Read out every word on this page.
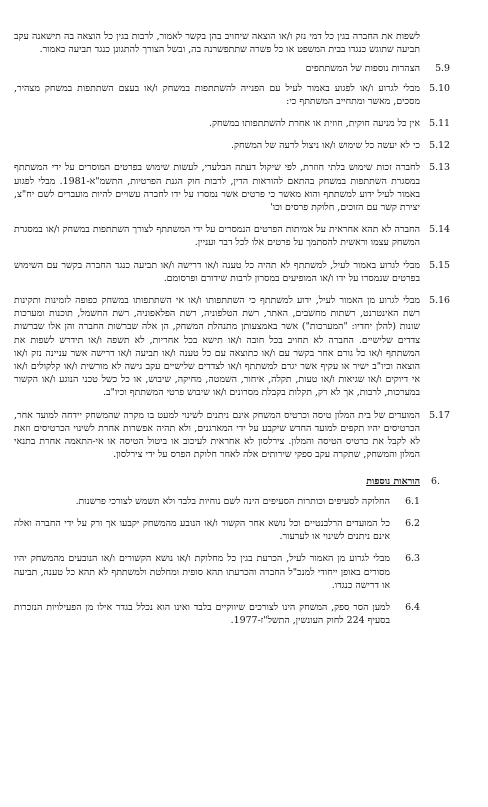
לשפות את החברה בגין כל דמי נזק ו/או הוצאה שיחויב בהן בקשר לאמור, לרבות בגין כל הוצאה בה תישאנה עקב תביעה שתוגש כנגדו בבית המשפט או כל פשרה שתתפשרנה בה, ובשל הצורך להתגונן כנגד תביעה כאמור.
5.9
הצהרות נוספות של המשתתפים
5.10
מבלי לגרוע ו/או לפגוע באמור לעיל עם הפנייה להשתתפות במשחק ו/או בעצם השתתפות במשחק מצהיר, מסכים, מאשר ומתחייב המשתתף כי:
5.11
אין כל מניעה חוקית, חוזית או אחרת להשתתפותו במשחק.
5.12
כי לא יעשה כל שימוש ו/או ניצול לרעה של המשחק.
5.13
לחברה זכות שימוש בלתי חוזרת, לפי שיקול דעתה הבלעדי, לעשות שימוש בפרטים המוסרים על ידי המשתתף במסגרת השתתפות במשחק בהתאם להוראות הדין, לרבות חוק הגנת הפרטיות, התשמ"א-1981. מבלי לפגוע באמור לעיל ידוע למשתתף והוא מאשר כי פרטים אשר נמסרו על ידו לחברה עשויים להיות מועברים לשם יח"צ, יצירת קשר עם הזוכים, חלוקת פרסים וכו'
5.14
החברה לא תהא אחראית על אמיתות הפרטים הנמסרים על ידי המשתתף לצורך השתתפות במשחק ו/או במסגרת המשחק עצמו וראשית להסתמך על פרטים אלו לכל דבר ועניין.
5.15
מבלי לגרוע באמור לעיל, למשתתף לא תהיה כל טענה ו/או דרישה ו/או תביעה כנגד החברה בקשר עם השימוש בפרטים שנמסרו על ידו ו/או המופיעים במסרון לרבות שידורם ופרסומם.
5.16
מבלי לגרוע מן האמור לעיל, ידוע למשתתף כי השתתפותו ו/או אי השתתפותו במשחק כפופה לזמינות ותקינות רשת האינטרנט, רשתות מחשבים, האתר, רשת הטלפוניה, רשת הפלאפוניה, רשת החשמל, תוכנות ומערכות שונות (להלן יחדיו: "המערכות") אשר באמצעותן מתנהלת המשחק, הן אלה שברשות החברה והן אלו שברשות צדדים שלישיים. החברה לא תחויב בכל חובה ו/או תישא בכל אחריות, לא תשפה ו/או תידרש לשפות את המשתתף ו/או כל גורם אחר בקשר עם ו/או כתוצאה עם כל טענה ו/או תביעה ו/או דרישה אשר עניינה נזק ו/או הוצאה וכיו"ב ישיר או עקיף אשר יגרם למשתתף ו/או לצדדים שלישיים עקב גישה לא מורשית ו/או קלקולים ו/או אי דיוקים ו/או שגיאות ו/או טעות, תקלה, איחור, השמטה, מחיקה, שיבוש, או כל כשל טכני הנוגע ו/או הקשור במערכות, לרבות, אך לא רק, תקלות בקבלת מסרונים ו/או שיבוש פרטי המשתתף וכיו"ב.
5.17
המועדים של בית המלון טיסה וכרטיס המשחק אינם ניתנים לשינוי למעט בו מקרה שהמשחק יידחה למועד אחר, הכרטיסים יהיו תקפים למועד החדש שיקבע על ידי המארגנים, ולא תהיה אפשרות אחרת לשינוי הכרטיסים וזאת לא לקבל את כרטיס הטיסה והמלון. צירלסון לא אחראית לעיכוב או ביטול הטיסה או אי-התאמה אחרת בתנאי המלון והמשחק, שתקרה עקב ספקי שירותים אלה לאחר חלוקת הפרס על ידי צירלסון.
6.
הוראות נוספות
6.1
החלוקה לסעיפים וכותרות הסעיפים הינה לשם נוחיות בלבד ולא תשמש לצורכי פרשנות.
6.2
כל המועדים הרלבנטיים וכל נושא אחר הקשור ו/או הנובע מהמשחק יקבעו אך ורק על ידי החברה ואלה אינם ניתנים לשינוי או לערעור.
6.3
מבלי לגרוע מן האמור לעיל, הכרעת בגין כל מחלוקת ו/או נושא הקשורים ו/או הנובעים מהמשחק יהיו מסורים באופן ייחודי למנכ"ל החברה והכרעתו תהא סופית ומחלטת ולמשתתף לא תהא כל טענה, תביעה או דרישה כנגדו.
6.4
למען הסר ספק, המשחק הינו לצורכים שיווקיים בלבד ואינו הוא נכלל בגדר אילו מן הפעילויות הנזכרות בסעיף 224 לחוק העונשין, התשל"ז-1977.
